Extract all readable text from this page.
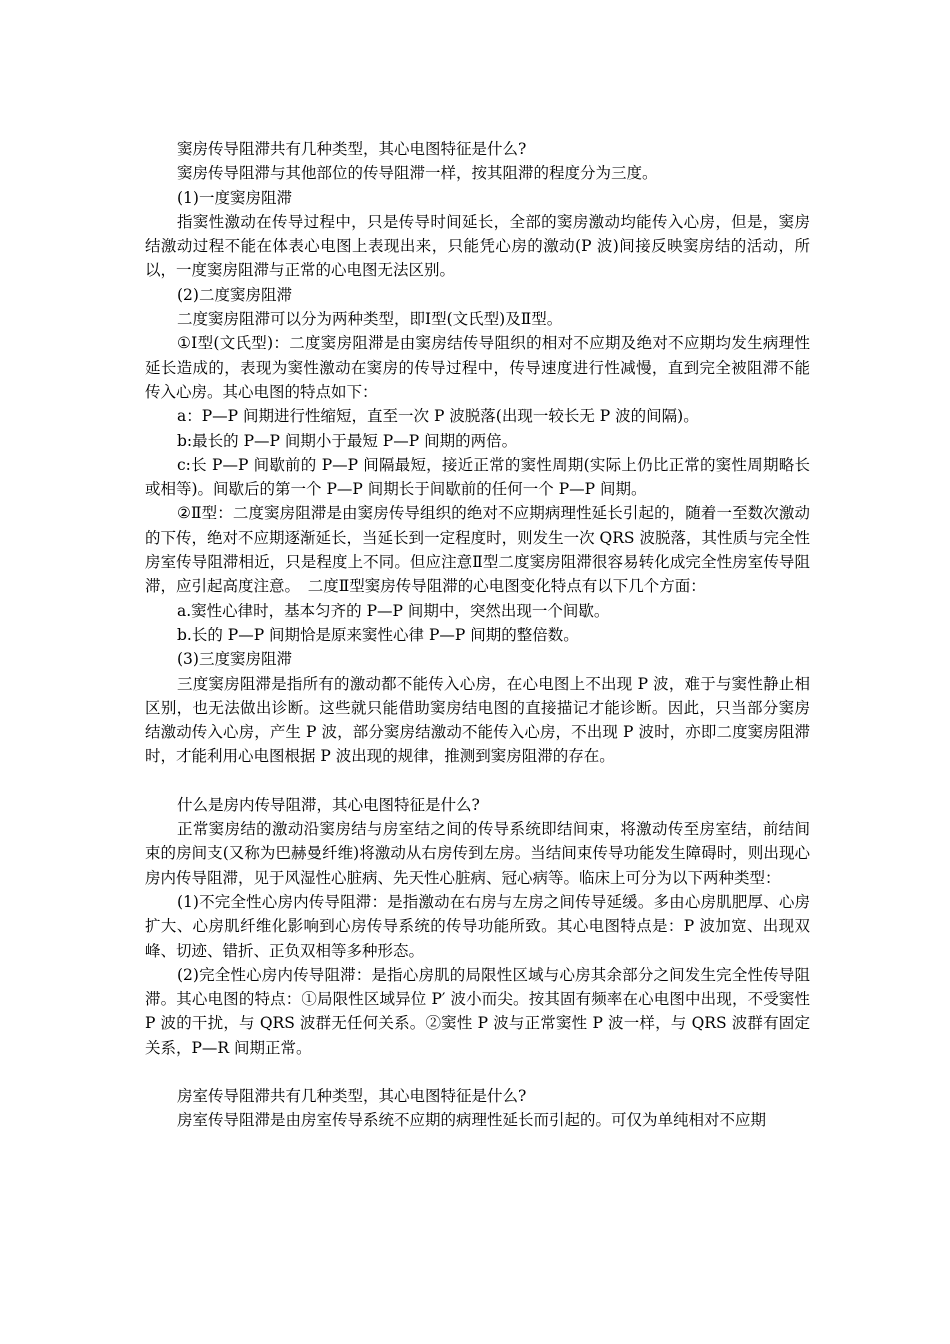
窦房传导阻滞共有几种类型，其心电图特征是什么?

窦房传导阻滞与其他部位的传导阻滞一样，按其阻滞的程度分为三度。

(1)一度窦房阻滞

指窦性激动在传导过程中，只是传导时间延长，全部的窦房激动均能传入心房，但是，窦房结激动过程不能在体表心电图上表现出来，只能凭心房的激动(P 波)间接反映窦房结的活动，所以，一度窦房阻滞与正常的心电图无法区别。

(2)二度窦房阻滞

二度窦房阻滞可以分为两种类型，即Ⅰ型(文氏型)及Ⅱ型。

①Ⅰ型(文氏型)：二度窦房阻滞是由窦房结传导阻织的相对不应期及绝对不应期均发生病理性延长造成的，表现为窦性激动在窦房的传导过程中，传导速度进行性减慢，直到完全被阻滞不能传入心房。其心电图的特点如下：

a：P—P 间期进行性缩短，直至一次 P 波脱落(出现一较长无 P 波的间隔)。

b:最长的 P—P 间期小于最短 P—P 间期的两倍。

c:长 P—P 间歇前的 P—P 间隔最短，接近正常的窦性周期(实际上仍比正常的窦性周期略长或相等)。间歇后的第一个 P—P 间期长于间歇前的任何一个 P—P 间期。

②Ⅱ型：二度窦房阻滞是由窦房传导组织的绝对不应期病理性延长引起的，随着一至数次激动的下传，绝对不应期逐渐延长，当延长到一定程度时，则发生一次 QRS 波脱落，其性质与完全性房室传导阻滞相近，只是程度上不同。但应注意Ⅱ型二度窦房阻滞很容易转化成完全性房室传导阻滞，应引起高度注意。　二度Ⅱ型窦房传导阻滞的心电图变化特点有以下几个方面：

a.窦性心律时，基本匀齐的 P—P 间期中，突然出现一个间歇。

b.长的 P—P 间期恰是原来窦性心律 P—P 间期的整倍数。

(3)三度窦房阻滞

三度窦房阻滞是指所有的激动都不能传入心房，在心电图上不出现 P 波，难于与窦性静止相区别，也无法做出诊断。这些就只能借助窦房结电图的直接描记才能诊断。因此，只当部分窦房结激动传入心房，产生 P 波，部分窦房结激动不能传入心房，不出现 P 波时，亦即二度窦房阻滞时，才能利用心电图根据 P 波出现的规律，推测到窦房阻滞的存在。

什么是房内传导阻滞，其心电图特征是什么?

正常窦房结的激动沿窦房结与房室结之间的传导系统即结间束，将激动传至房室结，前结间束的房间支(又称为巴赫曼纤维)将激动从右房传到左房。当结间束传导功能发生障碍时，则出现心房内传导阻滞，见于风湿性心脏病、先天性心脏病、冠心病等。临床上可分为以下两种类型：

(1)不完全性心房内传导阻滞：是指激动在右房与左房之间传导延缓。多由心房肌肥厚、心房扩大、心房肌纤维化影响到心房传导系统的传导功能所致。其心电图特点是：P 波加宽、出现双峰、切迹、错折、正负双相等多种形态。

(2)完全性心房内传导阻滞：是指心房肌的局限性区域与心房其余部分之间发生完全性传导阻滞。其心电图的特点：①局限性区域异位 P′ 波小而尖。按其固有频率在心电图中出现，不受窦性 P 波的干扰，与 QRS 波群无任何关系。②窦性 P 波与正常窦性 P 波一样，与 QRS 波群有固定关系，P—R 间期正常。

房室传导阻滞共有几种类型，其心电图特征是什么?

房室传导阻滞是由房室传导系统不应期的病理性延长而引起的。可仅为单纯相对不应期
